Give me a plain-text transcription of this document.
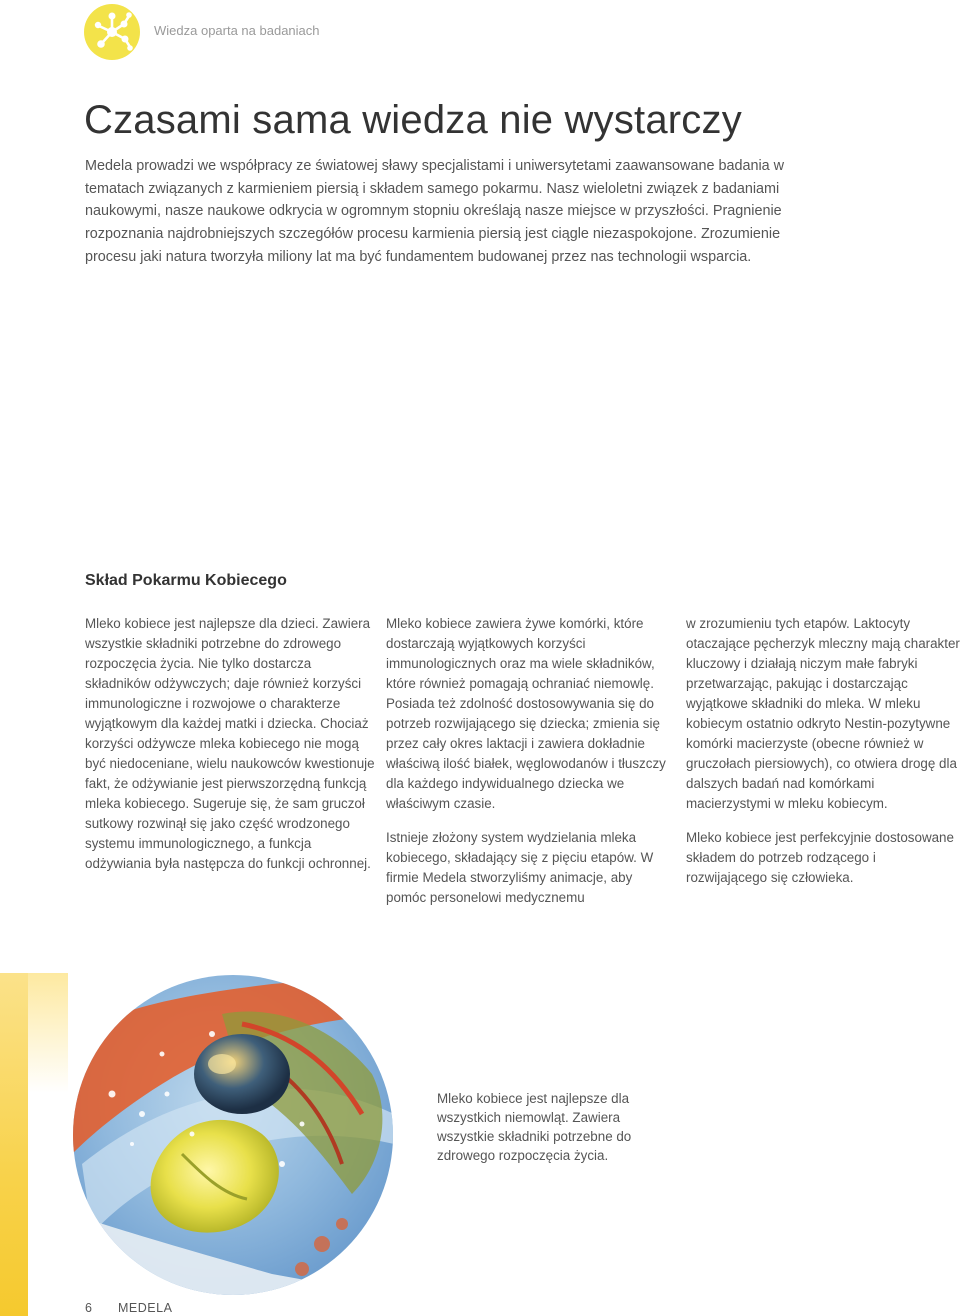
Wiedza oparta na badaniach
Czasami sama wiedza nie wystarczy

Medela prowadzi we współpracy ze światowej sławy specjalistami i uniwersytetami zaawansowane badania w tematach związanych z karmieniem piersią i składem samego pokarmu. Nasz wieloletni związek z badaniami naukowymi, nasze naukowe odkrycia w ogromnym stopniu określają nasze miejsce w przyszłości. Pragnienie rozpoznania najdrobniejszych szczegółów procesu karmienia piersią jest ciągle niezaspokojone. Zrozumienie procesu jaki natura tworzyła miliony lat ma być fundamentem budowanej przez nas technologii wsparcia.

Skład Pokarmu Kobiecego

Mleko kobiece jest najlepsze dla dzieci. Zawiera wszystkie składniki potrzebne do zdrowego rozpoczęcia życia. Nie tylko dostarcza składników odżywczych; daje również korzyści immunologiczne i rozwojowe o charakterze wyjątkowym dla każdej matki i dziecka. Chociaż korzyści odżywcze mleka kobiecego nie mogą być niedoceniane, wielu naukowców kwestionuje fakt, że odżywianie jest pierwszorzędną funkcją mleka kobiecego. Sugeruje się, że sam gruczoł sutkowy rozwinął się jako część wrodzonego systemu immunologicznego, a funkcja odżywiania była następcza do funkcji ochronnej.

Mleko kobiece zawiera żywe komórki, które dostarczają wyjątkowych korzyści immunologicznych oraz ma wiele składników, które również pomagają ochraniać niemowlę. Posiada też zdolność dostosowywania się do potrzeb rozwijającego się dziecka; zmienia się przez cały okres laktacji i zawiera dokładnie właściwą ilość białek, węglowodanów i tłuszczy dla każdego indywidualnego dziecka we właściwym czasie.

Istnieje złożony system wydzielania mleka kobiecego, składający się z pięciu etapów. W firmie Medela stworzyliśmy animacje, aby pomóc personelowi medycznemu

w zrozumieniu tych etapów. Laktocyty otaczające pęcherzyk mleczny mają charakter kluczowy i działają niczym małe fabryki przetwarzając, pakując i dostarczając wyjątkowe składniki do mleka. W mleku kobiecym ostatnio odkryto Nestin-pozytywne komórki macierzyste (obecne również w gruczołach piersiowych), co otwiera drogę dla dalszych badań nad komórkami macierzystymi w mleku kobiecym.

Mleko kobiece jest perfekcyjnie dostosowane składem do potrzeb rodzącego i rozwijającego się człowieka.

Mleko kobiece jest najlepsze dla wszystkich niemowląt. Zawiera wszystkie składniki potrzebne do zdrowego rozpoczęcia życia.

6 MEDELA
